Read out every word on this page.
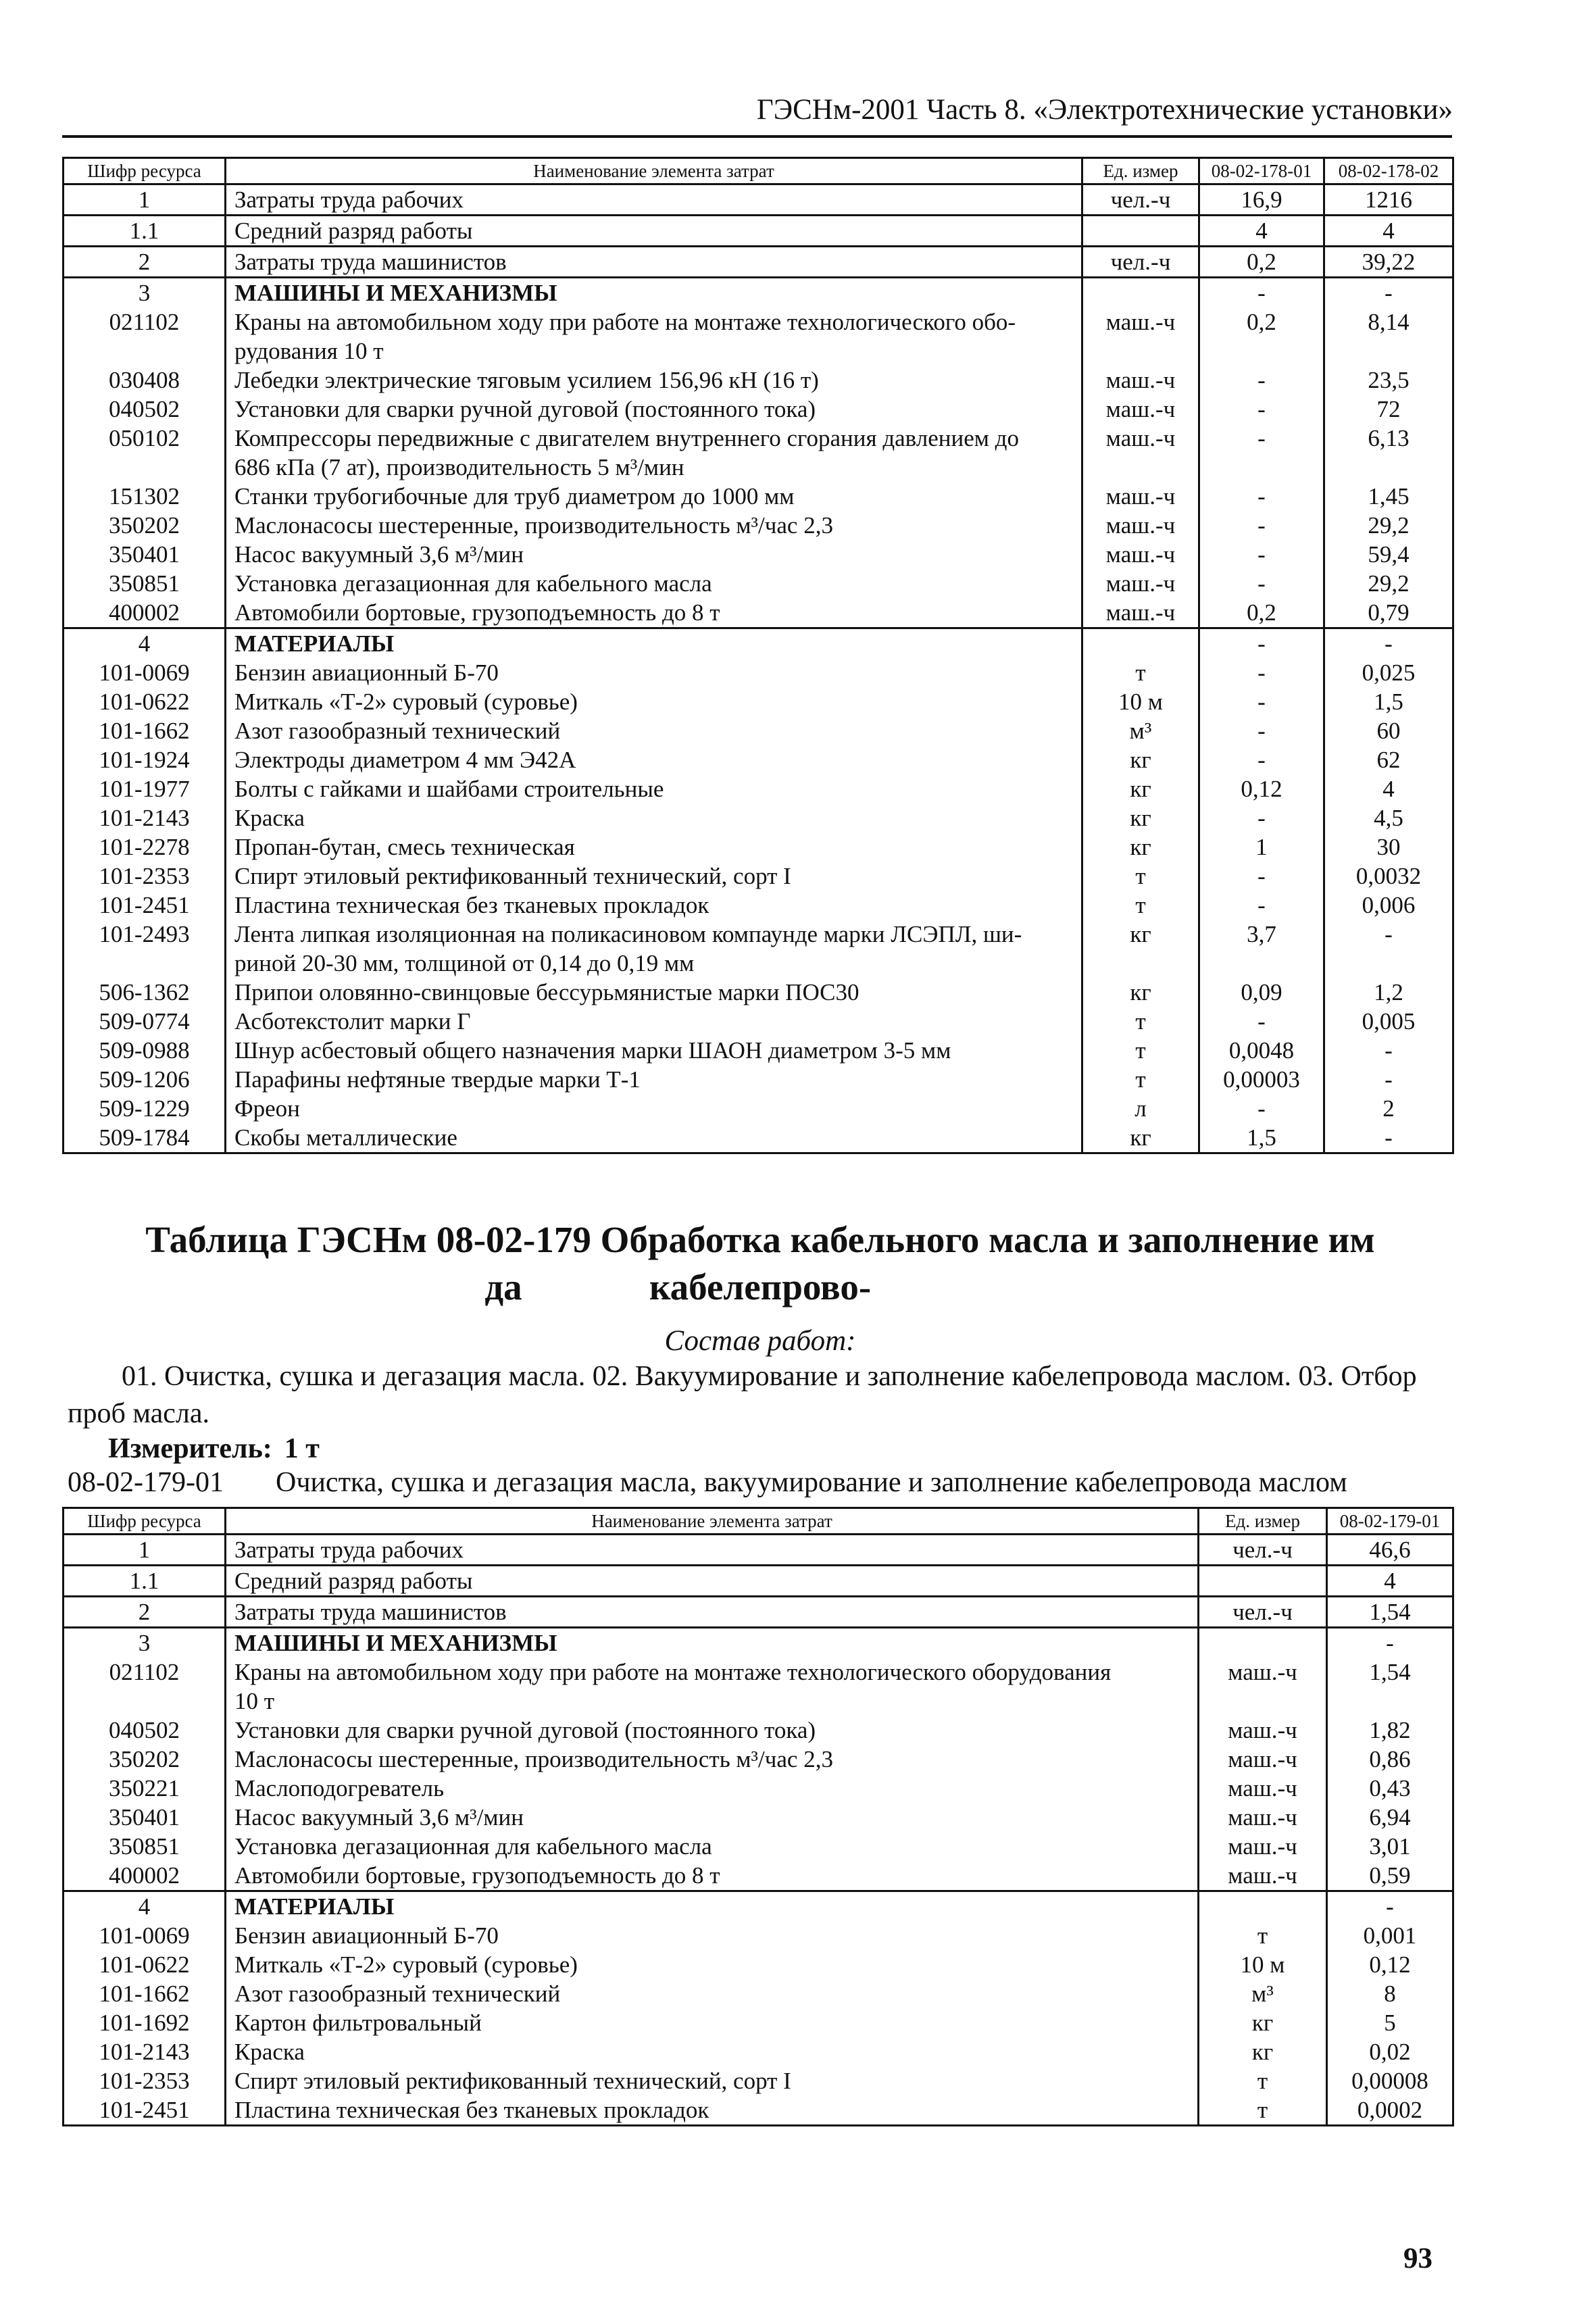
ГЭСНм-2001 Часть 8. «Электротехнические установки»
Шифр ресурса	Наименование элемента затрат	Ед. измер	08-02-178-01	08-02-178-02
1	Затраты труда рабочих	чел.-ч	16,9	1216
1.1	Средний разряд работы		4	4
2	Затраты труда машинистов	чел.-ч	0,2	39,22
3	МАШИНЫ И МЕХАНИЗМЫ		-	-
021102	Краны на автомобильном ходу при работе на монтаже технологического обо-	маш.-ч	0,2	8,14
	рудования 10 т			
030408	Лебедки электрические тяговым усилием 156,96 кН (16 т)	маш.-ч	-	23,5
040502	Установки для сварки ручной дуговой (постоянного тока)	маш.-ч	-	72
050102	Компрессоры передвижные с двигателем внутреннего сгорания давлением до	маш.-ч	-	6,13
	686 кПа (7 ат), производительность 5 м³/мин			
151302	Станки трубогибочные для труб диаметром до 1000 мм	маш.-ч	-	1,45
350202	Маслонасосы шестеренные, производительность м³/час 2,3	маш.-ч	-	29,2
350401	Насос вакуумный 3,6 м³/мин	маш.-ч	-	59,4
350851	Установка дегазационная для кабельного масла	маш.-ч	-	29,2
400002	Автомобили бортовые, грузоподъемность до 8 т	маш.-ч	0,2	0,79
4	МАТЕРИАЛЫ		-	-
101-0069	Бензин авиационный Б-70	т	-	0,025
101-0622	Миткаль «Т-2» суровый (суровье)	10 м	-	1,5
101-1662	Азот газообразный технический	м³	-	60
101-1924	Электроды диаметром 4 мм Э42А	кг	-	62
101-1977	Болты с гайками и шайбами строительные	кг	0,12	4
101-2143	Краска	кг	-	4,5
101-2278	Пропан-бутан, смесь техническая	кг	1	30
101-2353	Спирт этиловый ректификованный технический, сорт I	т	-	0,0032
101-2451	Пластина техническая без тканевых прокладок	т	-	0,006
101-2493	Лента липкая изоляционная на поликасиновом компаунде марки ЛСЭПЛ, ши-	кг	3,7	-
	риной 20-30 мм, толщиной от 0,14 до 0,19 мм			
506-1362	Припои оловянно-свинцовые бессурьмянистые марки ПОС30	кг	0,09	1,2
509-0774	Асботекстолит марки Г	т	-	0,005
509-0988	Шнур асбестовый общего назначения марки ШАОН диаметром 3-5 мм	т	0,0048	-
509-1206	Парафины нефтяные твердые марки Т-1	т	0,00003	-
509-1229	Фреон	л	-	2
509-1784	Скобы металлические	кг	1,5	-
Таблица ГЭСНм 08-02-179 Обработка кабельного масла и заполнение им кабелепрово-
да
Состав работ:
01. Очистка, сушка и дегазация масла. 02. Вакуумирование и заполнение кабелепровода маслом. 03. Отбор проб масла.
Измеритель: 1 т
08-02-179-01 Очистка, сушка и дегазация масла, вакуумирование и заполнение кабелепровода маслом
Шифр ресурса	Наименование элемента затрат	Ед. измер	08-02-179-01
1	Затраты труда рабочих	чел.-ч	46,6
1.1	Средний разряд работы		4
2	Затраты труда машинистов	чел.-ч	1,54
3	МАШИНЫ И МЕХАНИЗМЫ		-
021102	Краны на автомобильном ходу при работе на монтаже технологического оборудования	маш.-ч	1,54
	10 т		
040502	Установки для сварки ручной дуговой (постоянного тока)	маш.-ч	1,82
350202	Маслонасосы шестеренные, производительность м³/час 2,3	маш.-ч	0,86
350221	Маслоподогреватель	маш.-ч	0,43
350401	Насос вакуумный 3,6 м³/мин	маш.-ч	6,94
350851	Установка дегазационная для кабельного масла	маш.-ч	3,01
400002	Автомобили бортовые, грузоподъемность до 8 т	маш.-ч	0,59
4	МАТЕРИАЛЫ		-
101-0069	Бензин авиационный Б-70	т	0,001
101-0622	Миткаль «Т-2» суровый (суровье)	10 м	0,12
101-1662	Азот газообразный технический	м³	8
101-1692	Картон фильтровальный	кг	5
101-2143	Краска	кг	0,02
101-2353	Спирт этиловый ректификованный технический, сорт I	т	0,00008
101-2451	Пластина техническая без тканевых прокладок	т	0,0002
93
